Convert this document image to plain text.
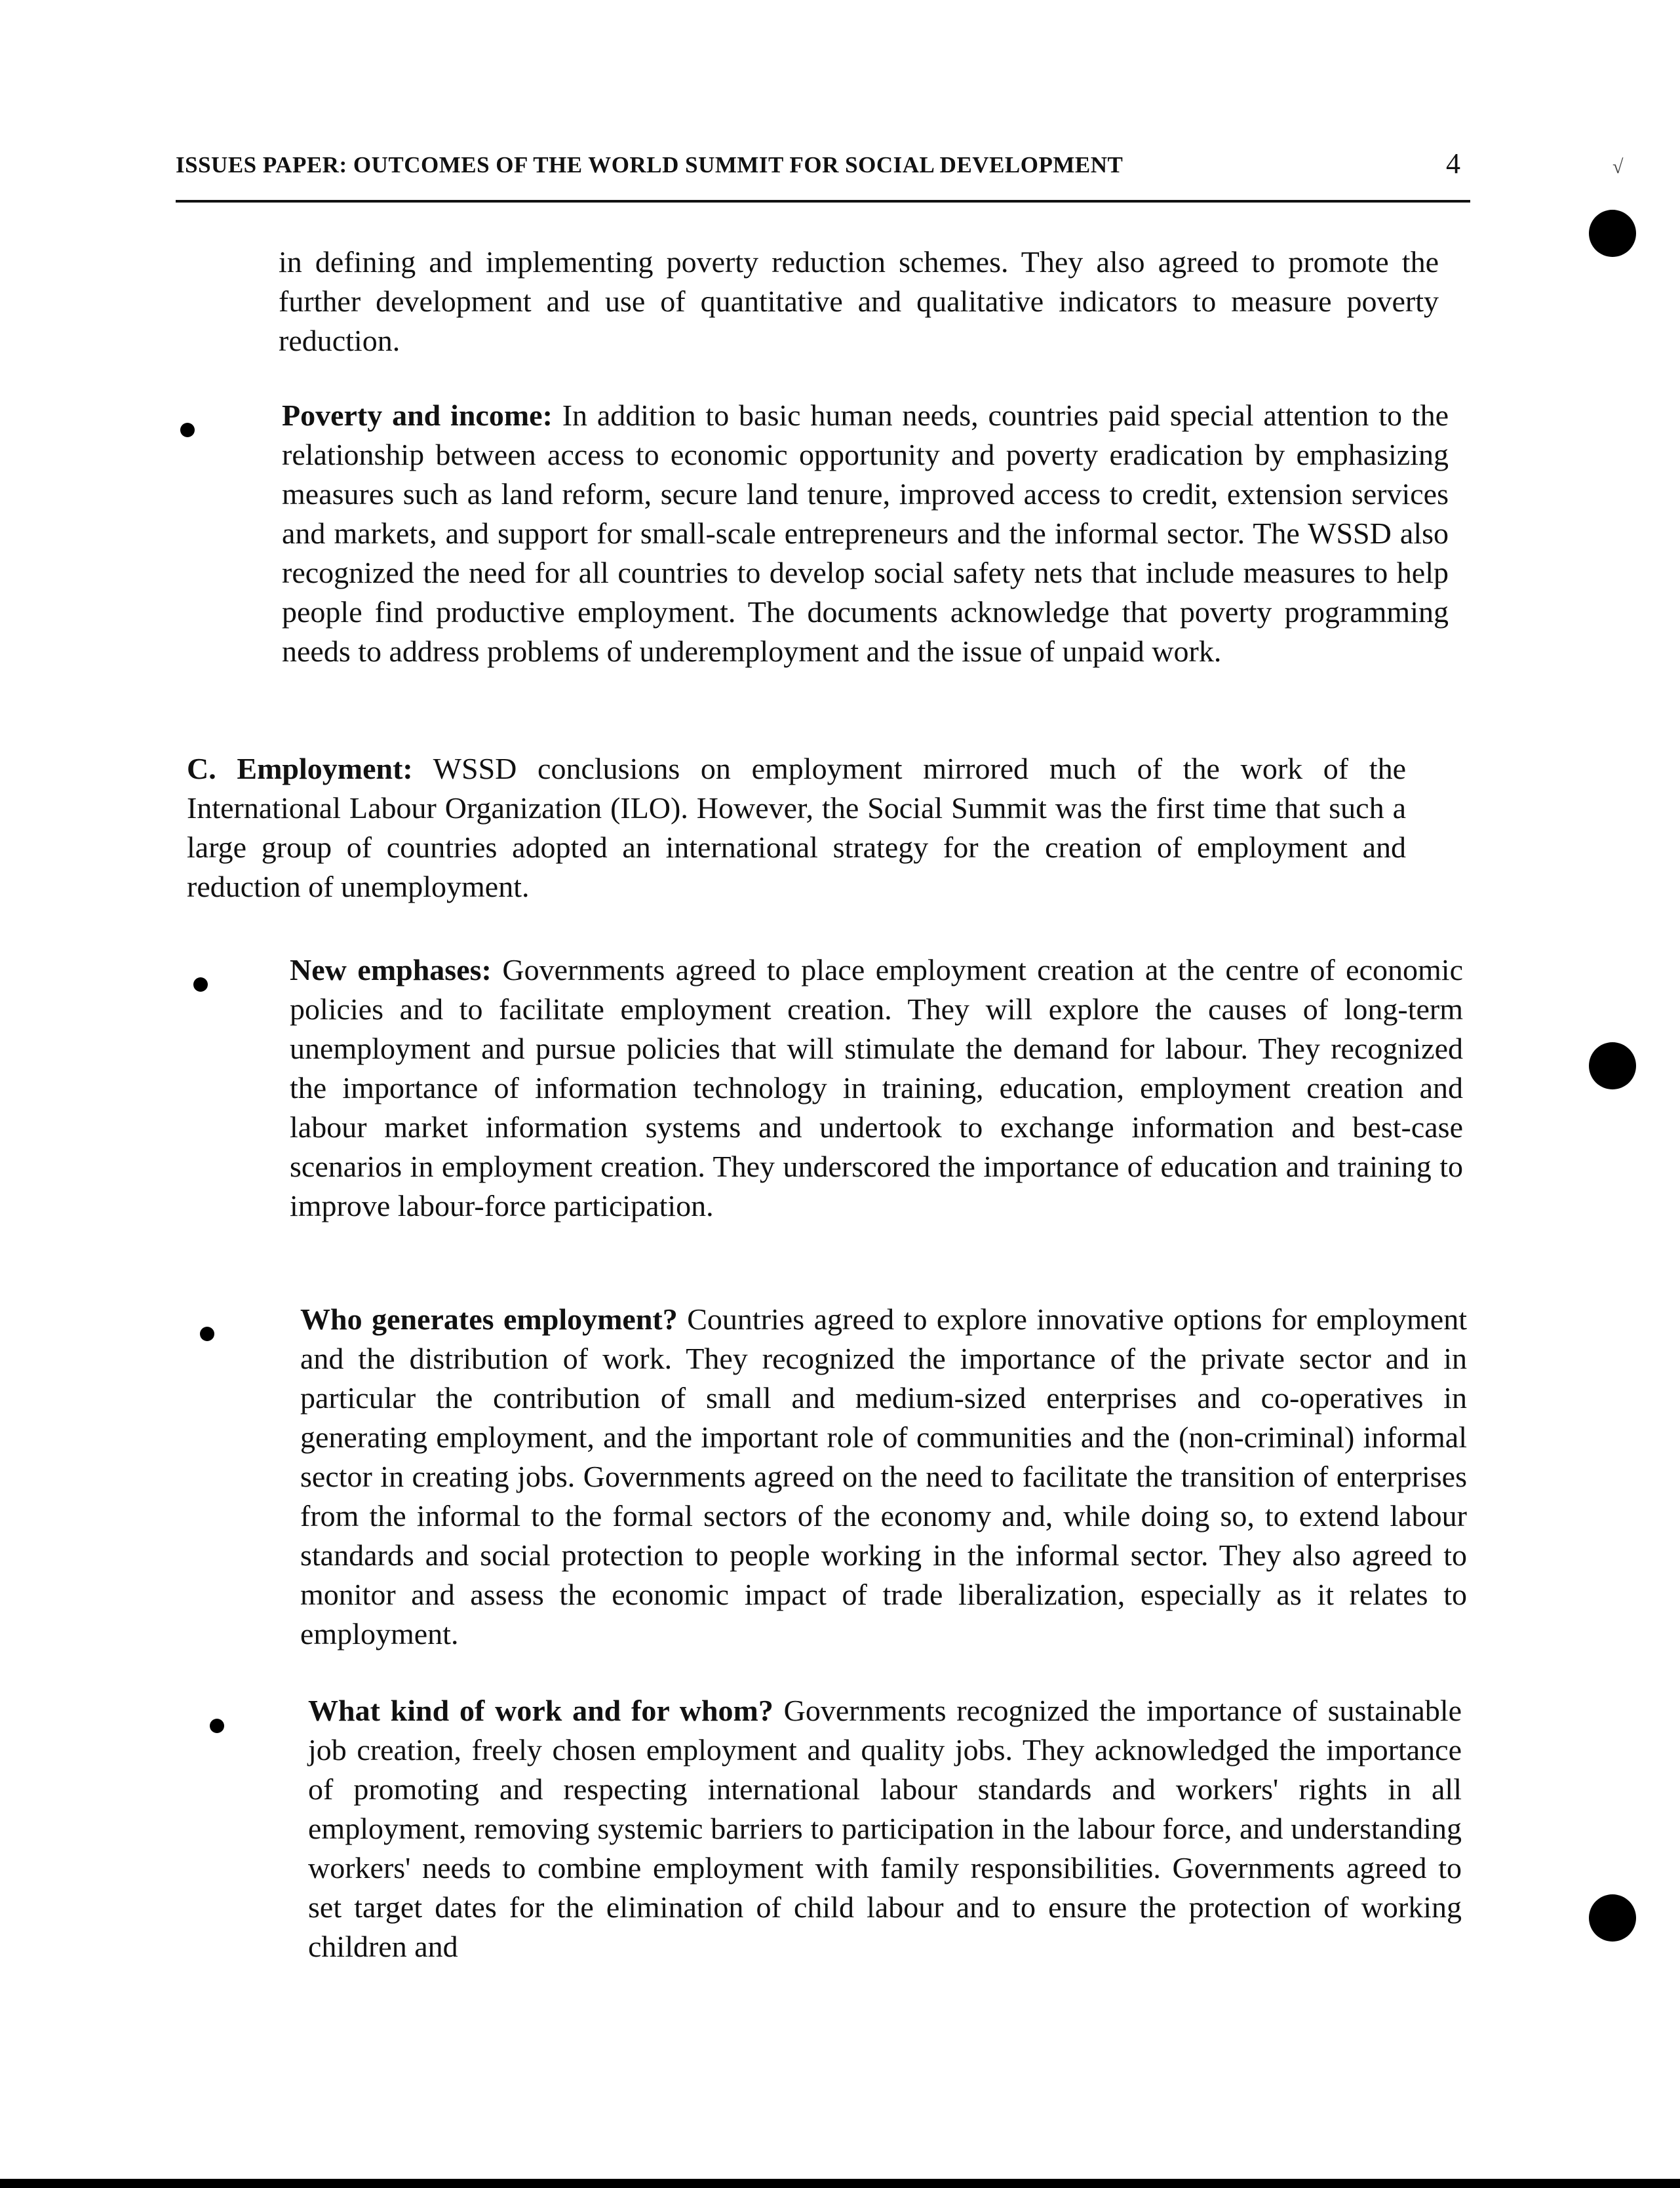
ISSUES PAPER: OUTCOMES OF THE WORLD SUMMIT FOR SOCIAL DEVELOPMENT	4	√

in defining and implementing poverty reduction schemes. They also agreed to promote the further development and use of quantitative and qualitative indicators to measure poverty reduction.

Poverty and income: In addition to basic human needs, countries paid special attention to the relationship between access to economic opportunity and poverty eradication by emphasizing measures such as land reform, secure land tenure, improved access to credit, extension services and markets, and support for small-scale entrepreneurs and the informal sector. The WSSD also recognized the need for all countries to develop social safety nets that include measures to help people find productive employment. The documents acknowledge that poverty programming needs to address problems of underemployment and the issue of unpaid work.

C. Employment: WSSD conclusions on employment mirrored much of the work of the International Labour Organization (ILO). However, the Social Summit was the first time that such a large group of countries adopted an international strategy for the creation of employment and reduction of unemployment.

New emphases: Governments agreed to place employment creation at the centre of economic policies and to facilitate employment creation. They will explore the causes of long-term unemployment and pursue policies that will stimulate the demand for labour. They recognized the importance of information technology in training, education, employment creation and labour market information systems and undertook to exchange information and best-case scenarios in employment creation. They underscored the importance of education and training to improve labour-force participation.

Who generates employment? Countries agreed to explore innovative options for employment and the distribution of work. They recognized the importance of the private sector and in particular the contribution of small and medium-sized enterprises and co-operatives in generating employment, and the important role of communities and the (non-criminal) informal sector in creating jobs. Governments agreed on the need to facilitate the transition of enterprises from the informal to the formal sectors of the economy and, while doing so, to extend labour standards and social protection to people working in the informal sector. They also agreed to monitor and assess the economic impact of trade liberalization, especially as it relates to employment.

What kind of work and for whom? Governments recognized the importance of sustainable job creation, freely chosen employment and quality jobs. They acknowledged the importance of promoting and respecting international labour standards and workers' rights in all employment, removing systemic barriers to participation in the labour force, and understanding workers' needs to combine employment with family responsibilities. Governments agreed to set target dates for the elimination of child labour and to ensure the protection of working children and
